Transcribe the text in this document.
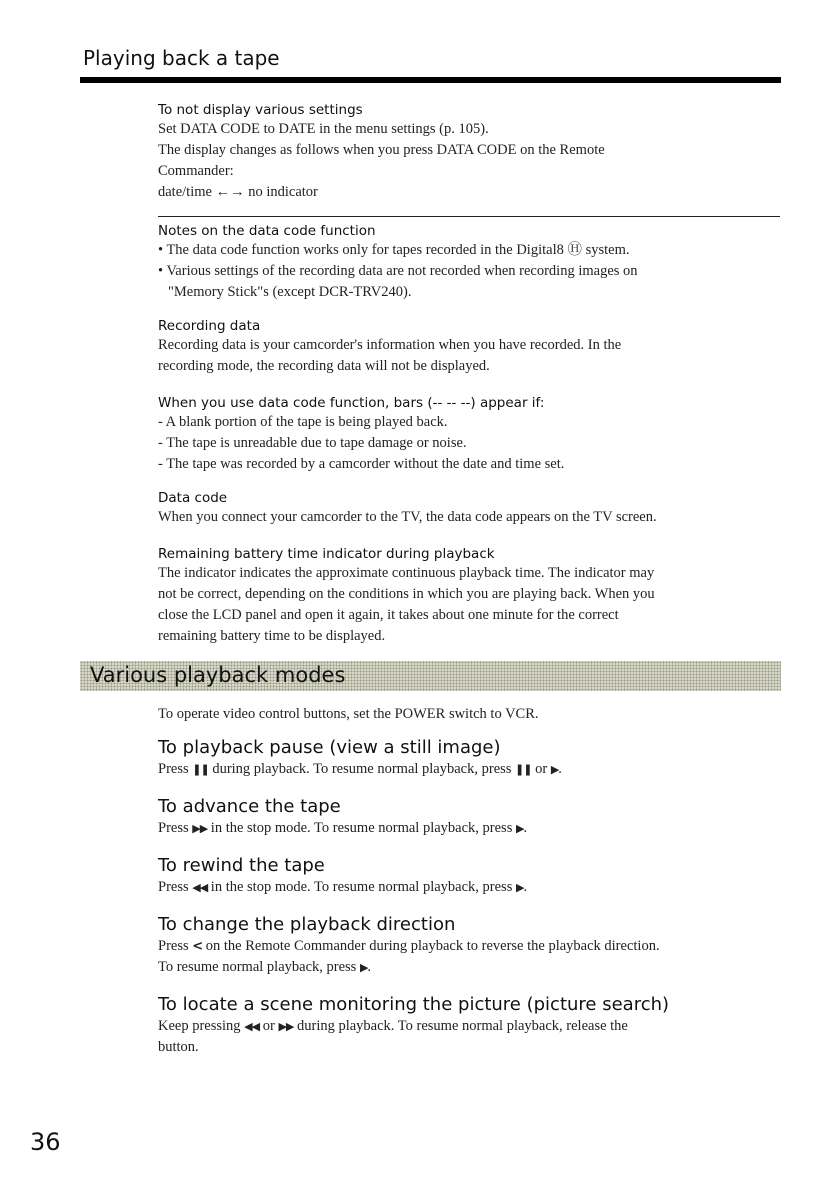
Playing back a tape

To not display various settings

Set DATA CODE to DATE in the menu settings (p. 105).

The display changes as follows when you press DATA CODE on the Remote

Commander:

date/time ←→ no indicator

Notes on the data code function

• The data code function works only for tapes recorded in the Digital8 Ⓗ system.

• Various settings of the recording data are not recorded when recording images on

"Memory Stick"s (except DCR-TRV240).

Recording data

Recording data is your camcorder's information when you have recorded. In the

recording mode, the recording data will not be displayed.

When you use data code function, bars (-- -- --) appear if:

- A blank portion of the tape is being played back.

- The tape is unreadable due to tape damage or noise.

- The tape was recorded by a camcorder without the date and time set.

Data code

When you connect your camcorder to the TV, the data code appears on the TV screen.

Remaining battery time indicator during playback

The indicator indicates the approximate continuous playback time. The indicator may

not be correct, depending on the conditions in which you are playing back. When you

close the LCD panel and open it again, it takes about one minute for the correct

remaining battery time to be displayed.

Various playback modes

To operate video control buttons, set the POWER switch to VCR.

To playback pause (view a still image)

Press ❚❚ during playback. To resume normal playback, press ❚❚ or ▶.

To advance the tape

Press ▶▶ in the stop mode. To resume normal playback, press ▶.

To rewind the tape

Press ◀◀ in the stop mode. To resume normal playback, press ▶.

To change the playback direction

Press < on the Remote Commander during playback to reverse the playback direction.

To resume normal playback, press ▶.

To locate a scene monitoring the picture (picture search)

Keep pressing ◀◀ or ▶▶ during playback. To resume normal playback, release the

button.

36
